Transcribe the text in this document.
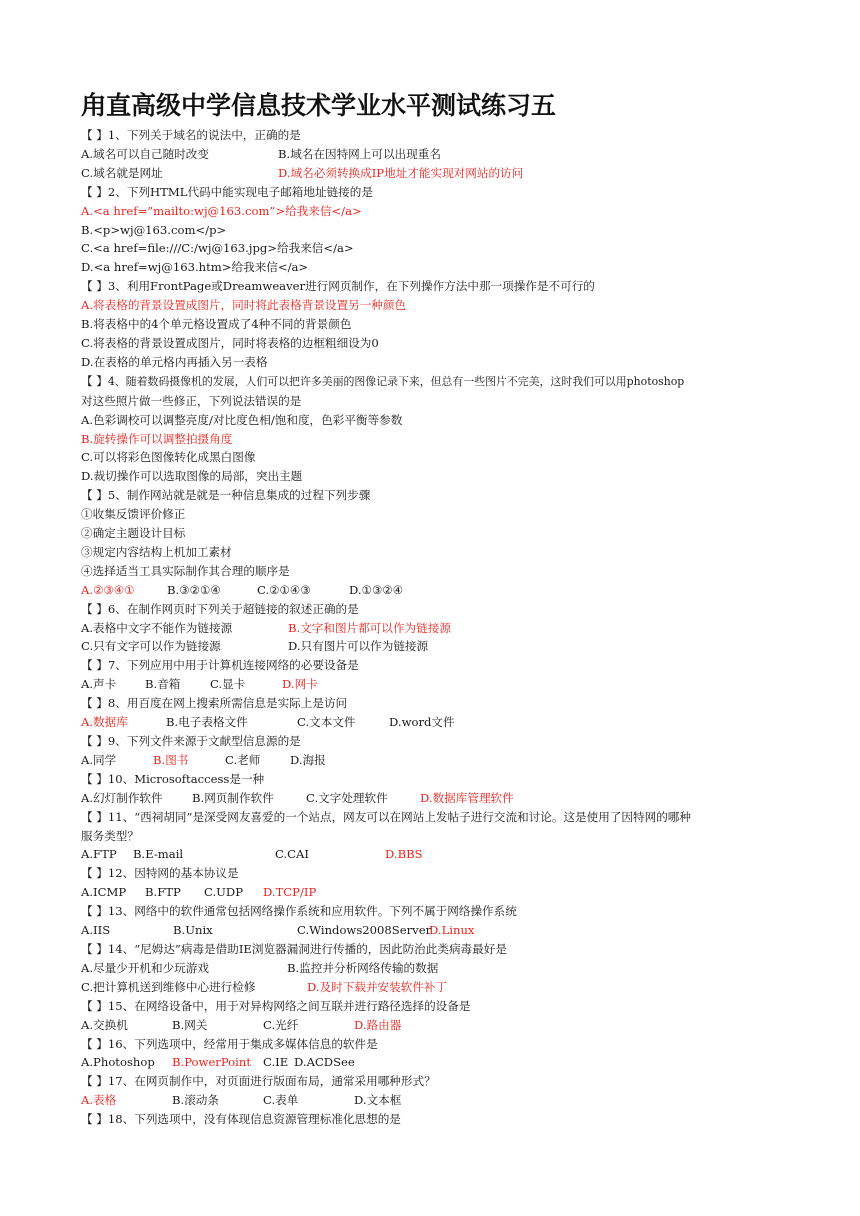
甪直高级中学信息技术学业水平测试练习五
【 】1、下列关于域名的说法中，正确的是
A.域名可以自己随时改变	B.域名在因特网上可以出现重名
C.域名就是网址	D.域名必须转换成IP地址才能实现对网站的访问
【 】2、下列HTML代码中能实现电子邮箱地址链接的是
A.<a href=”mailto:wj@163.com”>给我来信</a>
B.<p>wj@163.com</p>
C.<a href=file:///C:/wj@163.jpg>给我来信</a>
D.<a href=wj@163.htm>给我来信</a>
【 】3、利用FrontPage或Dreamweaver进行网页制作，在下列操作方法中那一项操作是不可行的
A.将表格的背景设置成图片，同时将此表格背景设置另一种颜色
B.将表格中的4个单元格设置成了4种不同的背景颜色
C.将表格的背景设置成图片，同时将表格的边框粗细设为0
D.在表格的单元格内再插入另一表格
【 】4、随着数码摄像机的发展，人们可以把许多美丽的图像记录下来，但总有一些图片不完美，这时我们可以用photoshop
对这些照片做一些修正，下列说法错误的是
A.色彩调校可以调整亮度/对比度色相/饱和度，色彩平衡等参数
B.旋转操作可以调整拍摄角度
C.可以将彩色图像转化成黑白图像
D.裁切操作可以选取图像的局部，突出主题
【 】5、制作网站就是就是一种信息集成的过程下列步骤
①收集反馈评价修正
②确定主题设计目标
③规定内容结构上机加工素材
④选择适当工具实际制作其合理的顺序是
A.②③④①	B.③②①④	C.②①④③	D.①③②④
【 】6、在制作网页时下列关于超链接的叙述正确的是
A.表格中文字不能作为链接源	B.文字和图片都可以作为链接源
C.只有文字可以作为链接源	D.只有图片可以作为链接源
【 】7、下列应用中用于计算机连接网络的必要设备是
A.声卡 B.音箱	C.显卡	D.网卡
【 】8、用百度在网上搜索所需信息是实际上是访问
A.数据库	B.电子表格文件	C.文本文件	D.word文件
【 】9、下列文件来源于文献型信息源的是
A.同学	B.图书	C.老师	D.海报
【 】10、Microsoftaccess是一种
A.幻灯制作软件	B.网页制作软件	C.文字处理软件	D.数据库管理软件
【 】11、“西祠胡同”是深受网友喜爱的一个站点，网友可以在网站上发帖子进行交流和讨论。这是使用了因特网的哪种
服务类型？
A.FTP B.E-mail	C.CAI	D.BBS
【 】12、因特网的基本协议是
A.ICMP B.FTP C.UDP D.TCP/IP
【 】13、网络中的软件通常包括网络操作系统和应用软件。下列不属于网络操作系统
A.IIS	B.Unix	C.Windows2008ServerD.Linux
【 】14、“尼姆达”病毒是借助IE浏览器漏洞进行传播的，因此防治此类病毒最好是
A.尽量少开机和少玩游戏	B.监控并分析网络传输的数据
C.把计算机送到维修中心进行检修	D.及时下载并安装软件补丁
【 】15、在网络设备中，用于对异构网络之间互联并进行路径选择的设备是
A.交换机	B.网关	C.光纤	D.路由器
【 】16、下列选项中，经常用于集成多媒体信息的软件是
A.Photoshop B.PowerPoint C.IE D.ACDSee
【 】17、在网页制作中，对页面进行版面布局，通常采用哪种形式？
A.表格	B.滚动条	C.表单	D.文本框
【 】18、下列选项中，没有体现信息资源管理标准化思想的是
